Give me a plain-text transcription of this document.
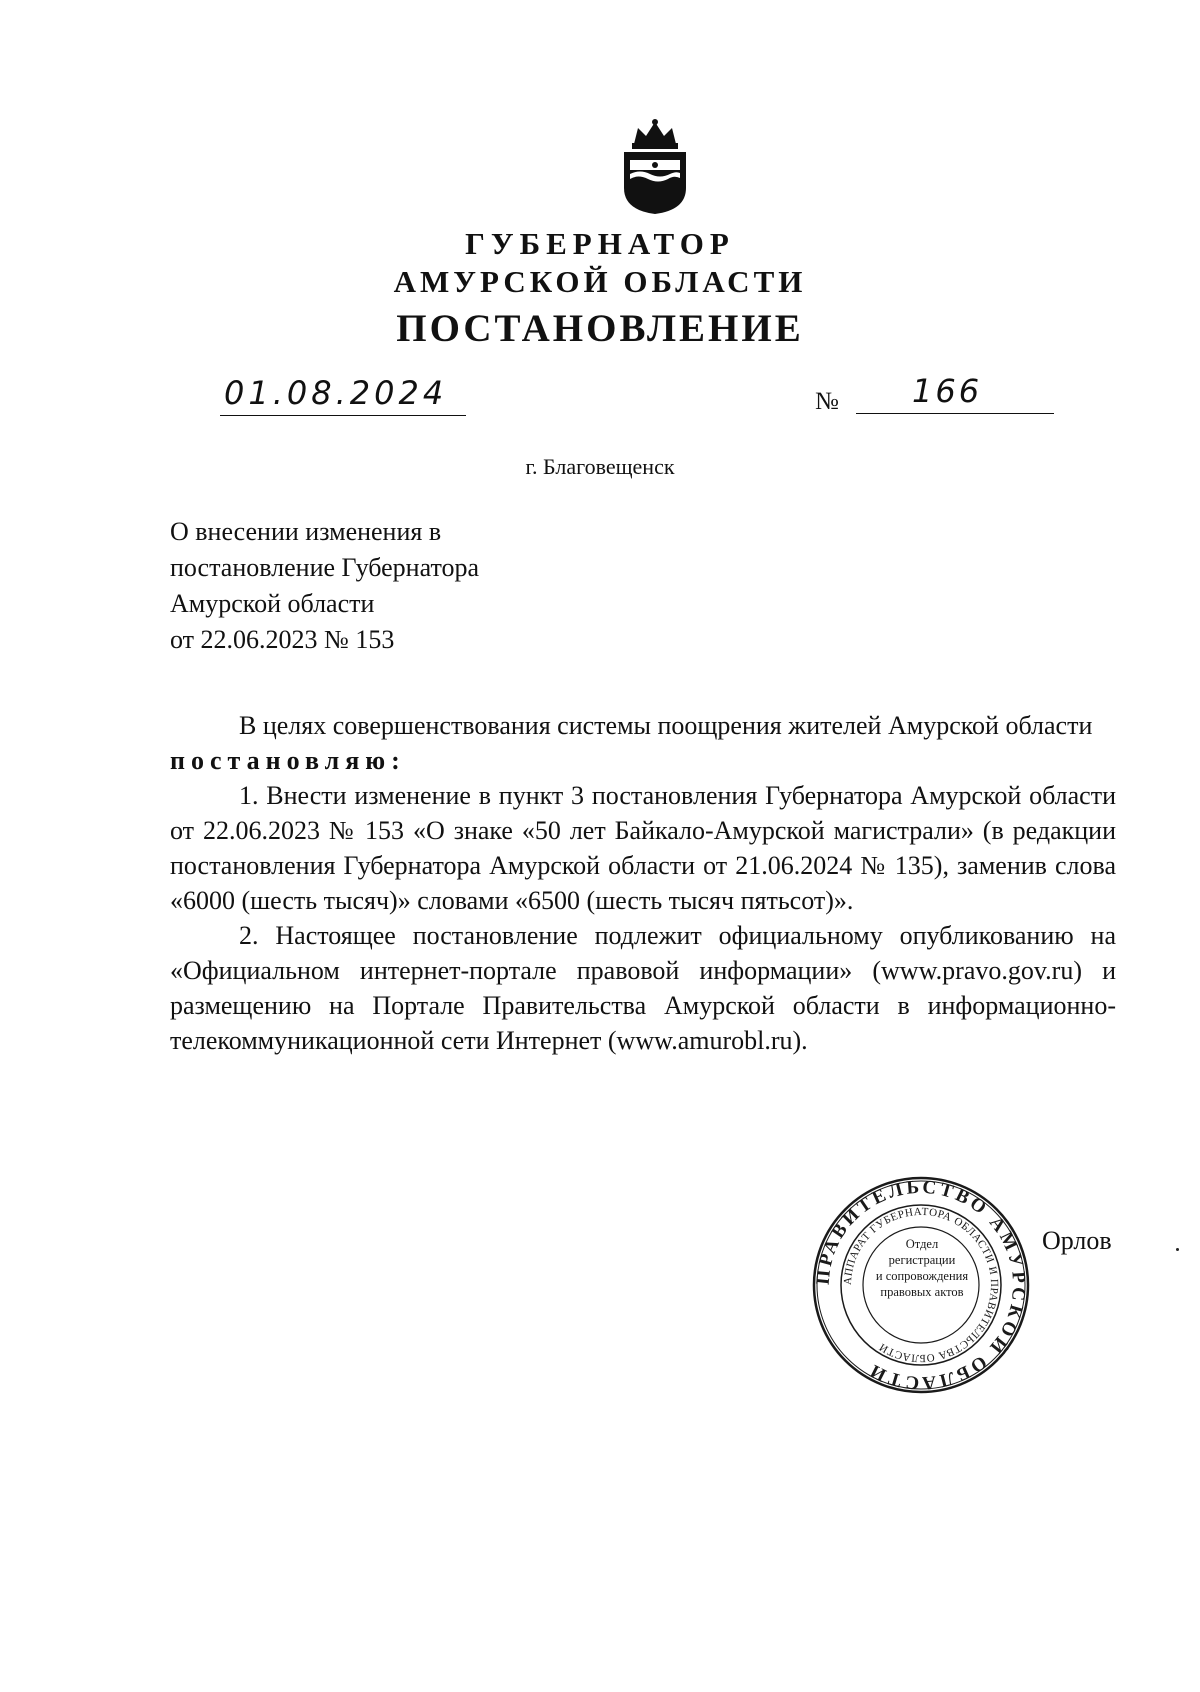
ГУБЕРНАТОР
АМУРСКОЙ ОБЛАСТИ
ПОСТАНОВЛЕНИЕ
01.08.2024	№ 166
г. Благовещенск
О внесении изменения в
постановление Губернатора
Амурской области
от 22.06.2023 № 153

В целях совершенствования системы поощрения жителей Амурской области

постановляю:

1. Внести изменение в пункт 3 постановления Губернатора Амурской области от 22.06.2023 № 153 «О знаке «50 лет Байкало-Амурской магистрали» (в редакции постановления Губернатора Амурской области от 21.06.2024 № 135), заменив слова «6000 (шесть тысяч)» словами «6500 (шесть тысяч пятьсот)».

2. Настоящее постановление подлежит официальному опубликованию на «Официальном интернет-портале правовой информации» (www.pravo.gov.ru) и размещению на Портале Правительства Амурской области в информационно-телекоммуникационной сети Интернет (www.amurobl.ru).

ПРАВИТЕЛЬСТВО АМУРСКОЙ ОБЛАСТИ
АППАРАТ ГУБЕРНАТОРА ОБЛАСТИ И ПРАВИТЕЛЬСТВА ОБЛАСТИ
Отдел
регистрации
и сопровождения
правовых актов
Орлов
